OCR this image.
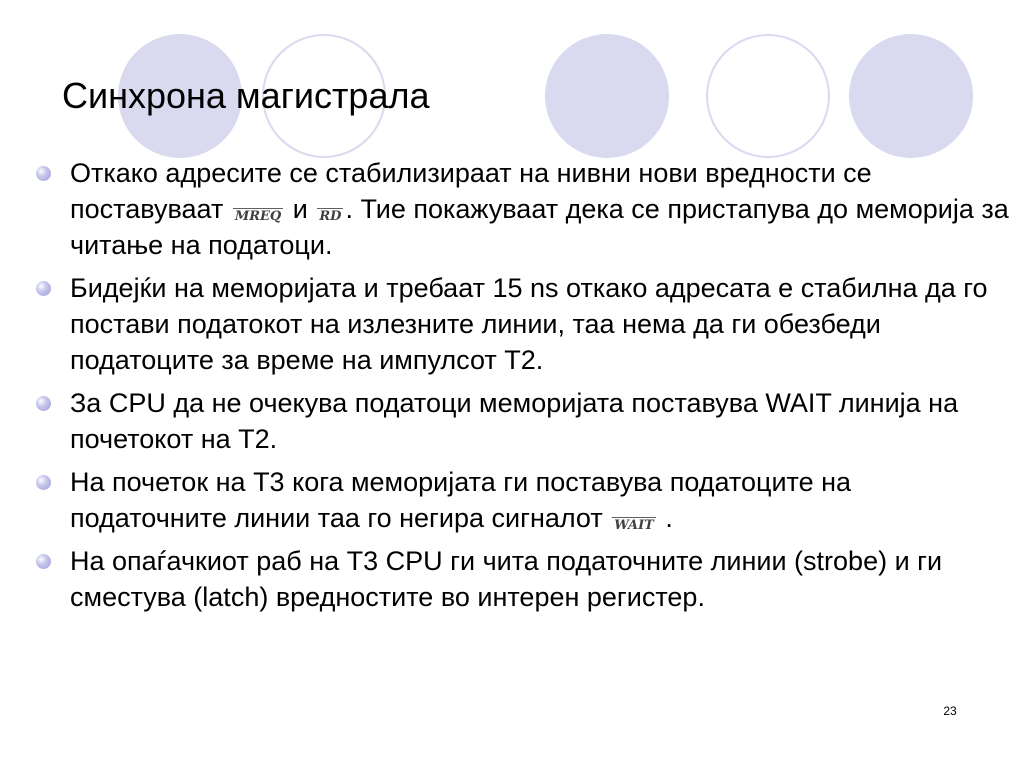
Синхрона магистрала
Откако адресите се стабилизираат на нивни нови вредности се поставуваат MREQ и RD . Тие покажуваат дека се пристапува до меморија за читање на податоци.
Бидејќи на меморијата и требаат 15 ns откако адресата е стабилна да го постави податокот на излезните линии, таа нема да ги обезбеди податоците за време на импулсот T2.
За CPU да не очекува податоци меморијата поставува WAIT линија на почетокот на T2.
На почеток на T3 кога меморијата ги поставува податоците на податочните линии таа го негира сигналот WAIT .
На опаѓачкиот раб на T3 CPU ги чита податочните линии (strobe) и ги сместува (latch) вредностите во интерен регистер.
23
